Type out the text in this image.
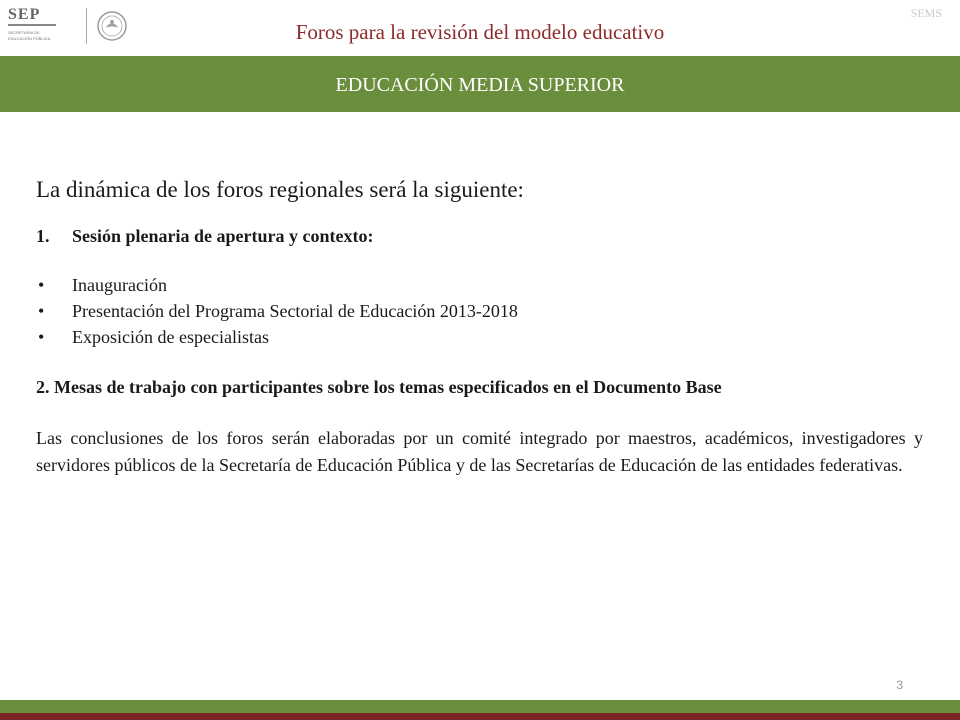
SEP
SECRETARÍA DE
EDUCACIÓN PÚBLICA	Foros para la revisión del modelo educativo
SEMS
EDUCACIÓN MEDIA SUPERIOR

La dinámica de los foros regionales será la siguiente:

1.	Sesión plenaria de apertura y contexto:

•	Inauguración
•	Presentación del Programa Sectorial de Educación 2013-2018
•	Exposición de especialistas

2. Mesas de trabajo con participantes sobre los temas especificados en el Documento Base

Las conclusiones de los foros serán elaboradas por un comité integrado por maestros, académicos, investigadores y servidores públicos de la Secretaría de Educación Pública y de las Secretarías de Educación de las entidades federativas.

3
